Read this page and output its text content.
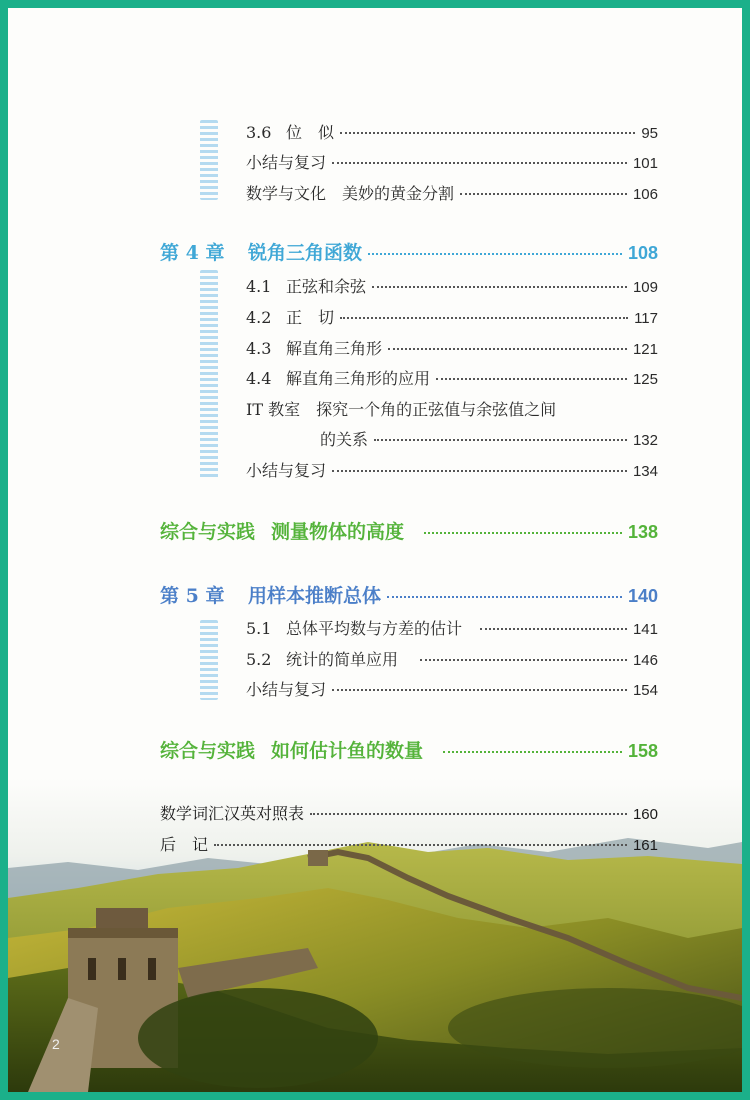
3.6 位　似	95
小结与复习	101
数学与文化　美妙的黄金分割	106
第 4 章	锐角三角函数	108
4.1 正弦和余弦	109
4.2 正　切	117
4.3 解直角三角形	121
4.4 解直角三角形的应用	125
IT 教室　探究一个角的正弦值与余弦值之间
的关系	132
小结与复习	134
综合与实践 测量物体的高度	138
第 5 章	用样本推断总体	140
5.1 总体平均数与方差的估计	141
5.2 统计的简单应用	146
小结与复习	154
综合与实践 如何估计鱼的数量	158
数学词汇汉英对照表	160
后　记	161
2
